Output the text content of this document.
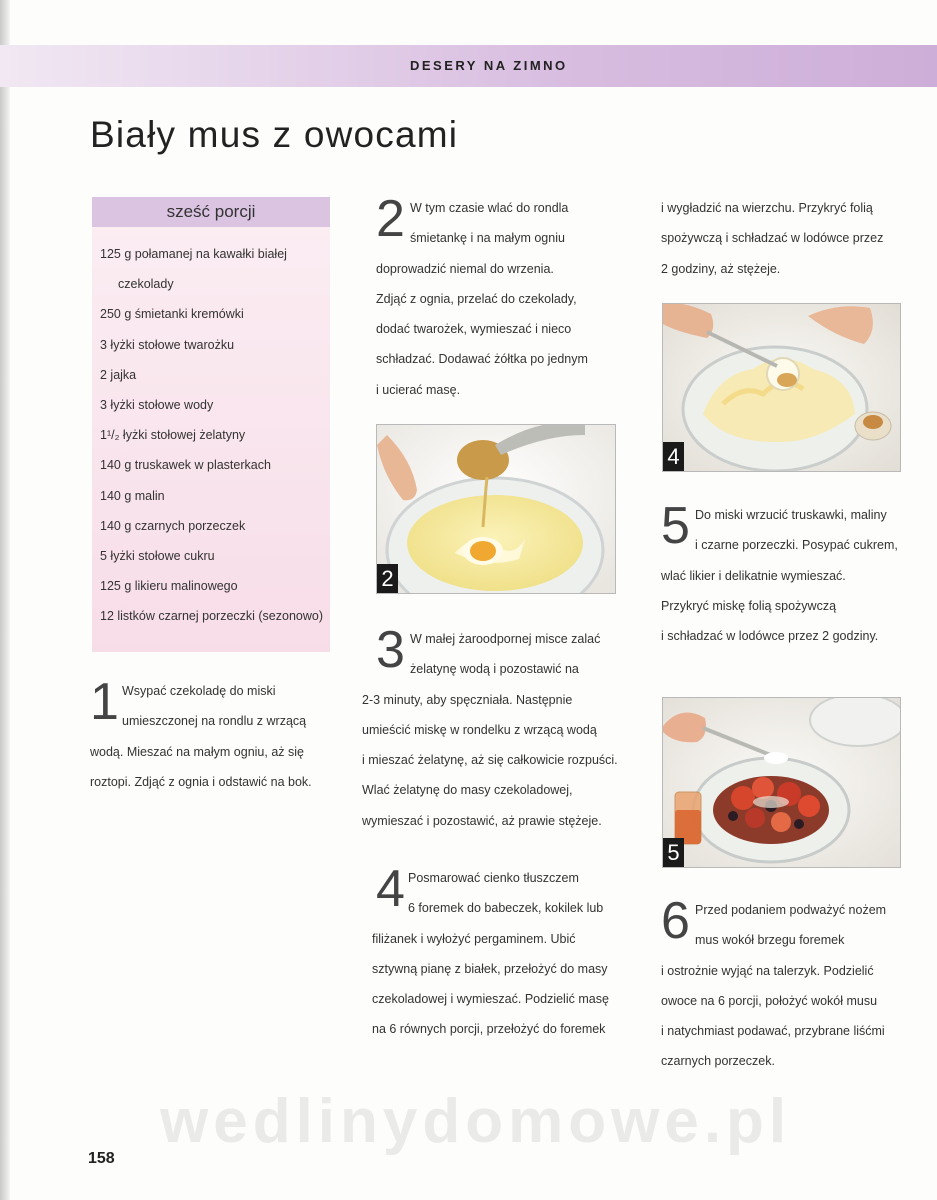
DESERY NA ZIMNO
Biały mus z owocami
sześć porcji
125 g połamanej na kawałki białej
czekolady
250 g śmietanki kremówki
3 łyżki stołowe twarożku
2 jajka
3 łyżki stołowe wody
1¹/₂ łyżki stołowej żelatyny
140 g truskawek w plasterkach
140 g malin
140 g czarnych porzeczek
5 łyżki stołowe cukru
125 g likieru malinowego
12 listków czarnej porzeczki (sezonowo)
1 Wsypać czekoladę do miski
umieszczonej na rondlu z wrzącą
wodą. Mieszać na małym ogniu, aż się
roztopi. Zdjąć z ognia i odstawić na bok.

2 W tym czasie wlać do rondla
śmietankę i na małym ogniu
doprowadzić niemal do wrzenia.
Zdjąć z ognia, przelać do czekolady,
dodać twarożek, wymieszać i nieco
schładzać. Dodawać żółtka po jednym
i ucierać masę.

2
3 W małej żaroodpornej misce zalać
żelatynę wodą i pozostawić na
2-3 minuty, aby spęczniała. Następnie
umieścić miskę w rondelku z wrzącą wodą
i mieszać żelatynę, aż się całkowicie rozpuści.
Wlać żelatynę do masy czekoladowej,
wymieszać i pozostawić, aż prawie stężeje.

4 Posmarować cienko tłuszczem
6 foremek do babeczek, kokilek lub
filiżanek i wyłożyć pergaminem. Ubić
sztywną pianę z białek, przełożyć do masy
czekoladowej i wymieszać. Podzielić masę
na 6 równych porcji, przełożyć do foremek

i wygładzić na wierzchu. Przykryć folią
spożywczą i schładzać w lodówce przez
2 godziny, aż stężeje.

4
5 Do miski wrzucić truskawki, maliny
i czarne porzeczki. Posypać cukrem,
wlać likier i delikatnie wymieszać.
Przykryć miskę folią spożywczą
i schładzać w lodówce przez 2 godziny.

5
6 Przed podaniem podważyć nożem
mus wokół brzegu foremek
i ostrożnie wyjąć na talerzyk. Podzielić
owoce na 6 porcji, położyć wokół musu
i natychmiast podawać, przybrane liśćmi
czarnych porzeczek.

wedlinydomowe.pl
158
